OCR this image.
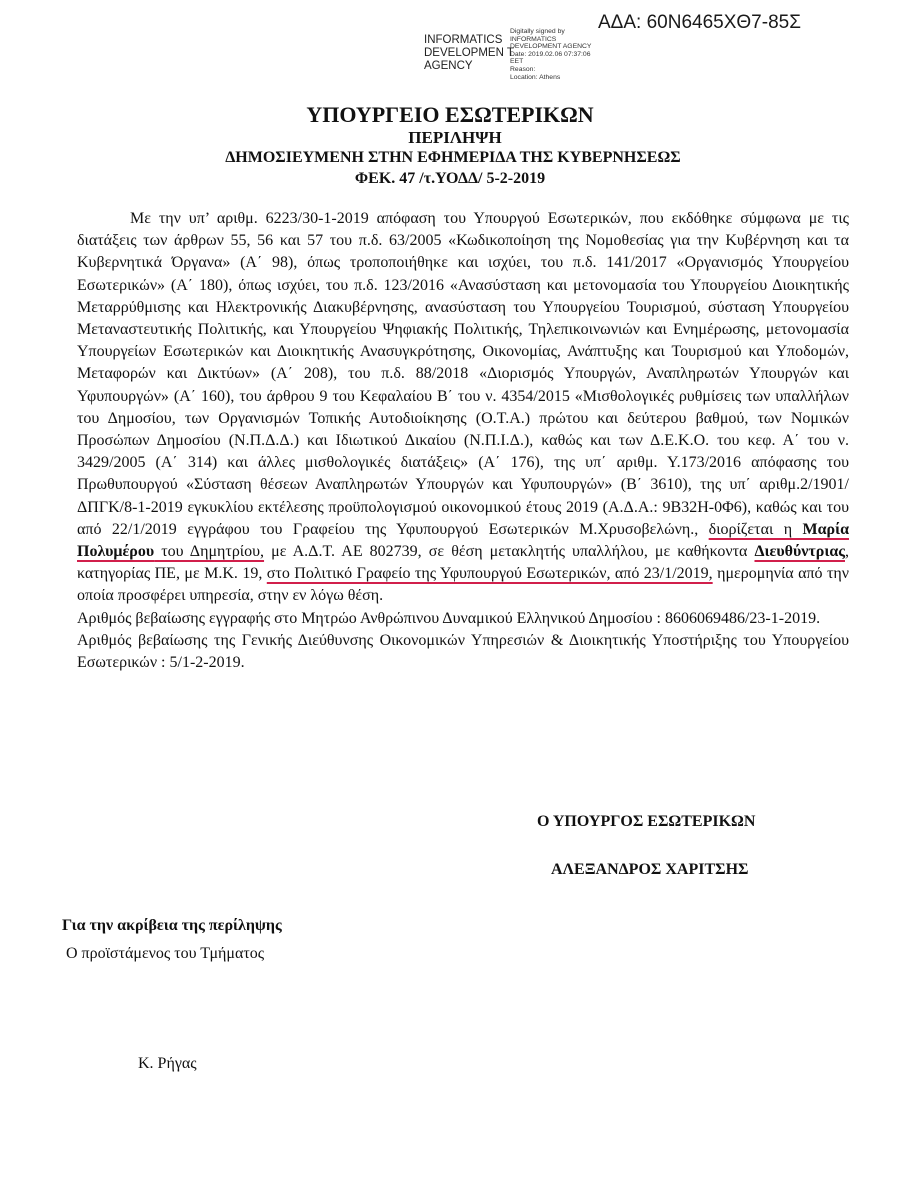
ΑΔΑ: 60Ν6465ΧΘ7-85Σ
INFORMATICS DEVELOPMEN T AGENCY
Digitally signed by
INFORMATICS
DEVELOPMENT AGENCY
Date: 2019.02.06 07:37:06
EET
Reason:
Location: Athens
ΥΠΟΥΡΓΕΙΟ ΕΣΩΤΕΡΙΚΩΝ
ΠΕΡΙΛΗΨΗ
ΔΗΜΟΣΙΕΥΜΕΝΗ ΣΤΗΝ ΕΦΗΜΕΡΙΔΑ ΤΗΣ ΚΥΒΕΡΝΗΣΕΩΣ
ΦΕΚ. 47 /τ.ΥΟΔΔ/ 5-2-2019

Με την υπ’ αριθμ. 6223/30-1-2019 απόφαση του Υπουργού Εσωτερικών, που εκδόθηκε σύμφωνα με τις διατάξεις των άρθρων 55, 56 και 57 του π.δ. 63/2005 «Κωδικοποίηση της Νομοθεσίας για την Κυβέρνηση και τα Κυβερνητικά Όργανα» (Α΄ 98), όπως τροποποιήθηκε και ισχύει, του π.δ. 141/2017 «Οργανισμός Υπουργείου Εσωτερικών» (Α΄ 180), όπως ισχύει, του π.δ. 123/2016 «Ανασύσταση και μετονομασία του Υπουργείου Διοικητικής Μεταρρύθμισης και Ηλεκτρονικής Διακυβέρνησης, ανασύσταση του Υπουργείου Τουρισμού, σύσταση Υπουργείου Μεταναστευτικής Πολιτικής, και Υπουργείου Ψηφιακής Πολιτικής, Τηλεπικοινωνιών και Ενημέρωσης, μετονομασία Υπουργείων Εσωτερικών και Διοικητικής Ανασυγκρότησης, Οικονομίας, Ανάπτυξης και Τουρισμού και Υποδομών, Μεταφορών και Δικτύων» (Α΄ 208), του π.δ. 88/2018 «Διορισμός Υπουργών, Αναπληρωτών Υπουργών και Υφυπουργών» (Α΄ 160), του άρθρου 9 του Κεφαλαίου Β΄ του ν. 4354/2015 «Μισθολογικές ρυθμίσεις των υπαλλήλων του Δημοσίου, των Οργανισμών Τοπικής Αυτοδιοίκησης (Ο.Τ.Α.) πρώτου και δεύτερου βαθμού, των Νομικών Προσώπων Δημοσίου (Ν.Π.Δ.Δ.) και Ιδιωτικού Δικαίου (Ν.Π.Ι.Δ.), καθώς και των Δ.Ε.Κ.Ο. του κεφ. Α΄ του ν. 3429/2005 (Α΄ 314) και άλλες μισθολογικές διατάξεις» (Α΄ 176), της υπ΄ αριθμ. Υ.173/2016 απόφασης του Πρωθυπουργού «Σύσταση θέσεων Αναπληρωτών Υπουργών και Υφυπουργών» (Β΄ 3610), της υπ΄ αριθμ.2/1901/ΔΠΓΚ/8-1-2019 εγκυκλίου εκτέλεσης προϋπολογισμού οικονομικού έτους 2019 (Α.Δ.Α.: 9Β32Η-0Φ6), καθώς και του από 22/1/2019 εγγράφου του Γραφείου της Υφυπουργού Εσωτερικών Μ.Χρυσοβελώνη., διορίζεται η Μαρία Πολυμέρου του Δημητρίου, με Α.Δ.Τ. ΑΕ 802739, σε θέση μετακλητής υπαλλήλου, με καθήκοντα Διευθύντριας, κατηγορίας ΠΕ, με Μ.Κ. 19, στο Πολιτικό Γραφείο της Υφυπουργού Εσωτερικών, από 23/1/2019, ημερομηνία από την οποία προσφέρει υπηρεσία, στην εν λόγω θέση.

Αριθμός βεβαίωσης εγγραφής στο Μητρώο Ανθρώπινου Δυναμικού Ελληνικού Δημοσίου : 8606069486/23-1-2019.

Αριθμός βεβαίωσης της Γενικής Διεύθυνσης Οικονομικών Υπηρεσιών & Διοικητικής Υποστήριξης του Υπουργείου Εσωτερικών : 5/1-2-2019.

Ο ΥΠΟΥΡΓΟΣ ΕΣΩΤΕΡΙΚΩΝ
ΑΛΕΞΑΝΔΡΟΣ ΧΑΡΙΤΣΗΣ
Για την ακρίβεια της περίληψης
Ο προϊστάμενος του Τμήματος
Κ. Ρήγας
